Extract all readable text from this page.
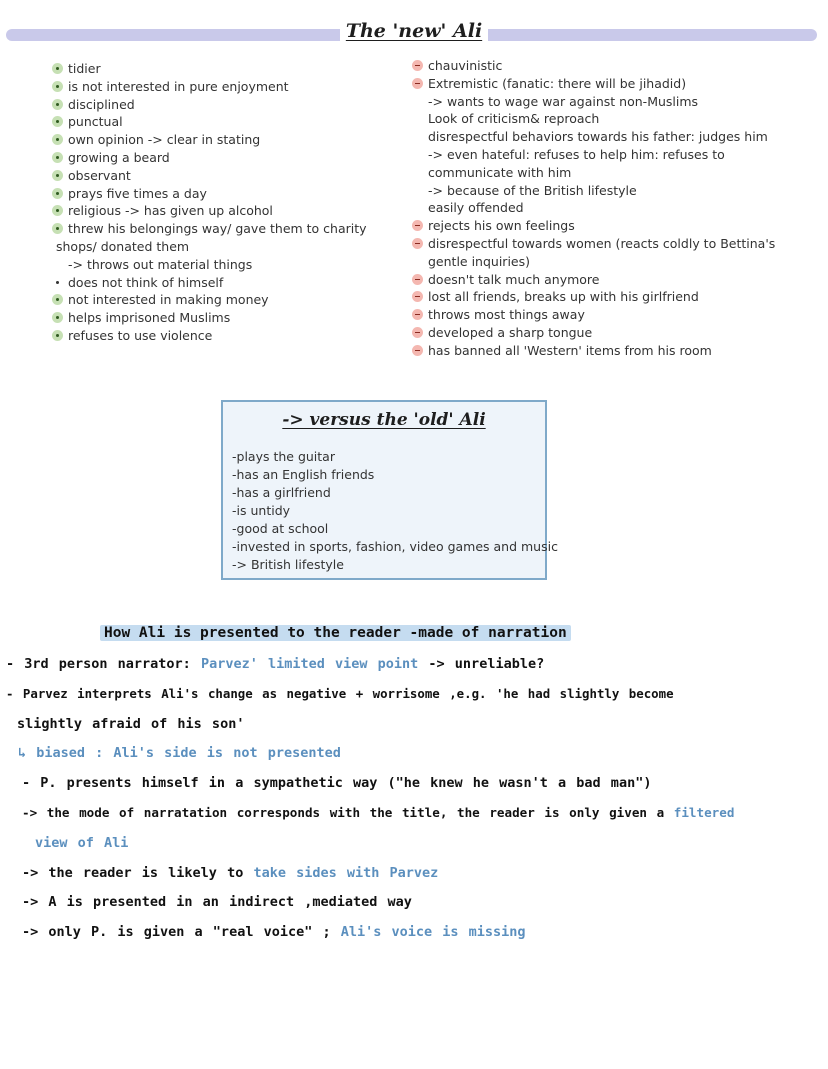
The 'new' Ali
tidier
is not interested in pure enjoyment
disciplined
punctual
own opinion -> clear in stating
growing a beard
observant
prays five times a day
religious -> has given up alcohol
threw his belongings way/ gave them to charity
shops/ donated them
-> throws out material things
does not think of himself
not interested in making money
helps imprisoned Muslims
refuses to use violence
chauvinistic
Extremistic (fanatic: there will be jihadid)
-> wants to wage war against non-Muslims
Look of criticism& reproach
disrespectful behaviors towards his father: judges him
-> even hateful: refuses to help him: refuses to
communicate with him
-> because of the British lifestyle
easily offended
rejects his own feelings
disrespectful towards women (reacts coldly to Bettina's
gentle inquiries)
doesn't talk much anymore
lost all friends, breaks up with his girlfriend
throws most things away
developed a sharp tongue
has banned all 'Western' items from his room
-> versus the 'old' Ali
-plays the guitar
-has an English friends
-has a girlfriend
-is untidy
-good at school
-invested in sports, fashion, video games and music
-> British lifestyle
How Ali is presented to the reader -made of narration
- 3rd person narrator: Parvez' limited view point -> unreliable?
- Parvez interprets Ali's change as negative + worrisome ,e.g. 'he had slightly become
slightly afraid of his son'
↳ biased : Ali's side is not presented
- P. presents himself in a sympathetic way ("he knew he wasn't a bad man")
-> the mode of narratation corresponds with the title, the reader is only given a filtered
view of Ali
-> the reader is likely to take sides with Parvez
-> A is presented in an indirect ,mediated way
-> only P. is given a "real voice" ; Ali's voice is missing
